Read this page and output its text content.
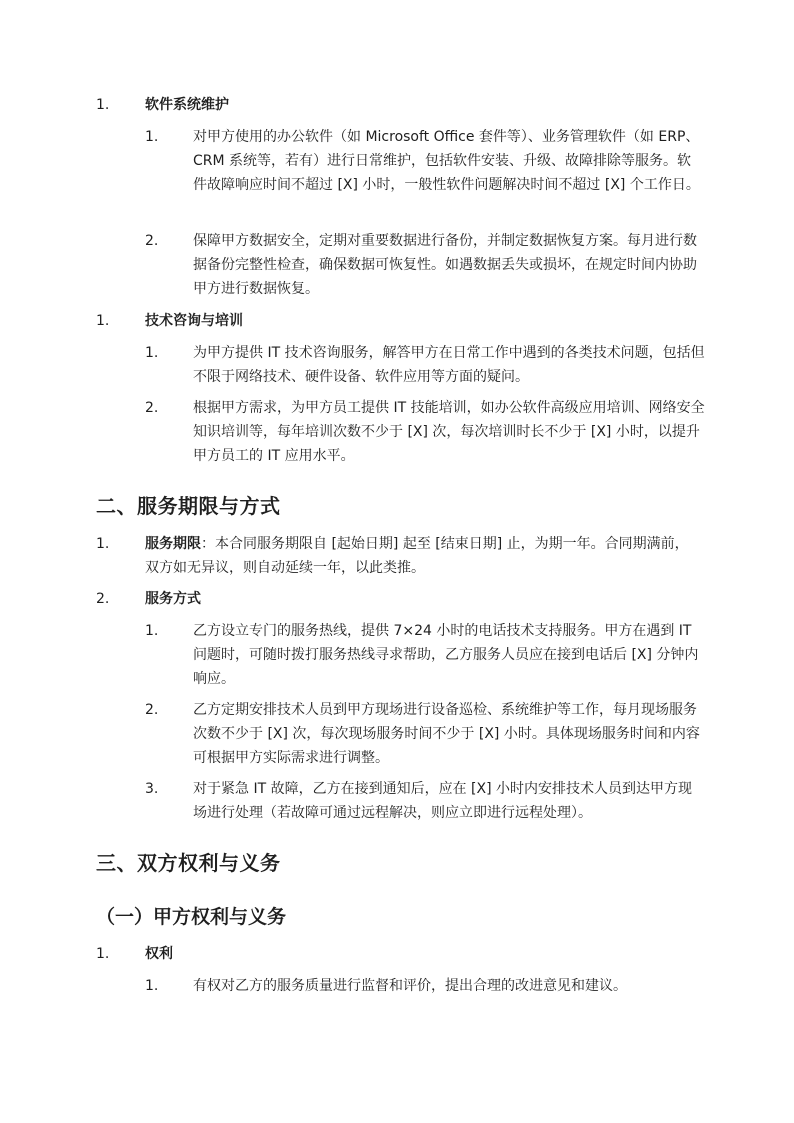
1.	软件系统维护
1.	对甲方使用的办公软件（如 Microsoft Office 套件等）、业务管理软件（如 ERP、CRM 系统等，若有）进行日常维护，包括软件安装、升级、故障排除等服务。软件故障响应时间不超过 [X] 小时，一般性软件问题解决时间不超过 [X] 个工作日。
2.	保障甲方数据安全，定期对重要数据进行备份，并制定数据恢复方案。每月进行数据备份完整性检查，确保数据可恢复性。如遇数据丢失或损坏，在规定时间内协助甲方进行数据恢复。
1.	技术咨询与培训
1.	为甲方提供 IT 技术咨询服务，解答甲方在日常工作中遇到的各类技术问题，包括但不限于网络技术、硬件设备、软件应用等方面的疑问。
2.	根据甲方需求，为甲方员工提供 IT 技能培训，如办公软件高级应用培训、网络安全知识培训等，每年培训次数不少于 [X] 次，每次培训时长不少于 [X] 小时，以提升甲方员工的 IT 应用水平。
二、服务期限与方式
1.	服务期限：本合同服务期限自 [起始日期] 起至 [结束日期] 止，为期一年。合同期满前，双方如无异议，则自动延续一年，以此类推。
2.	服务方式
1.	乙方设立专门的服务热线，提供 7×24 小时的电话技术支持服务。甲方在遇到 IT 问题时，可随时拨打服务热线寻求帮助，乙方服务人员应在接到电话后 [X] 分钟内响应。
2.	乙方定期安排技术人员到甲方现场进行设备巡检、系统维护等工作，每月现场服务次数不少于 [X] 次，每次现场服务时间不少于 [X] 小时。具体现场服务时间和内容可根据甲方实际需求进行调整。
3.	对于紧急 IT 故障，乙方在接到通知后，应在 [X] 小时内安排技术人员到达甲方现场进行处理（若故障可通过远程解决，则应立即进行远程处理）。
三、双方权利与义务
（一）甲方权利与义务
1.	权利
1.	有权对乙方的服务质量进行监督和评价，提出合理的改进意见和建议。
